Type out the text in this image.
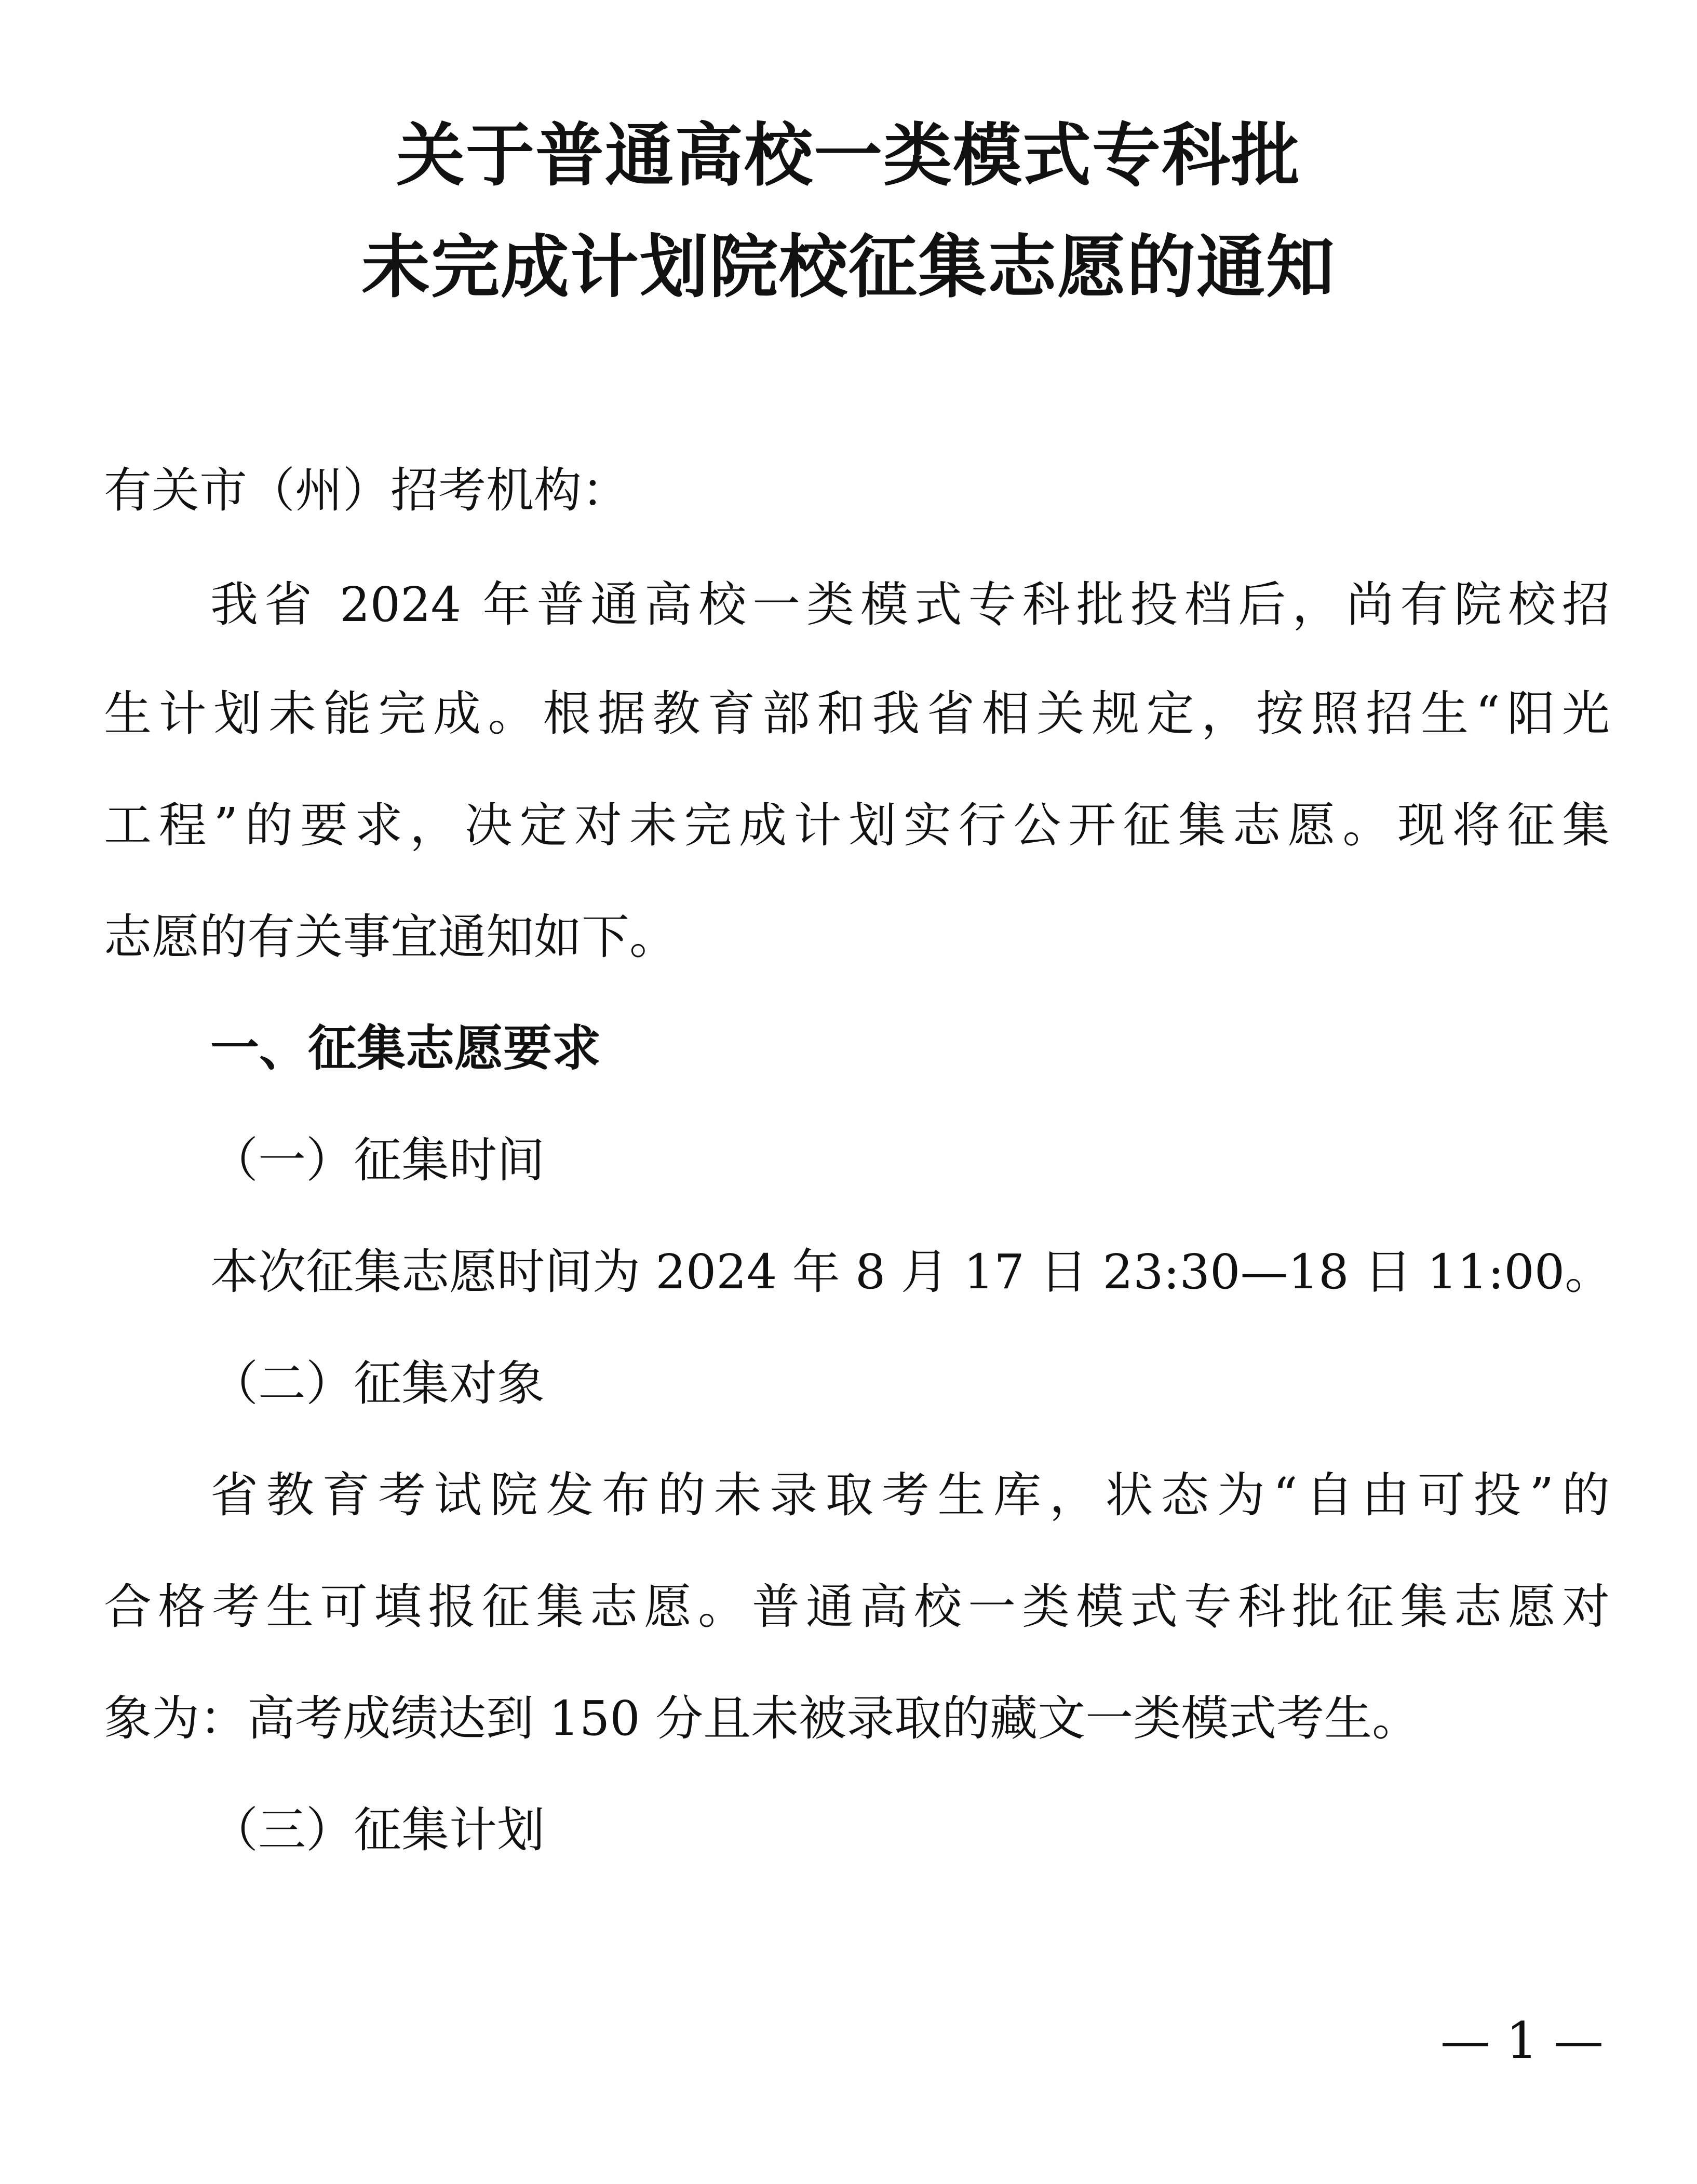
关于普通高校一类模式专科批
未完成计划院校征集志愿的通知
有关市（州）招考机构：
我省 2024 年普通高校一类模式专科批投档后，尚有院校招
生计划未能完成。根据教育部和我省相关规定，按照招生“阳光
工程”的要求，决定对未完成计划实行公开征集志愿。现将征集
志愿的有关事宜通知如下。
一、征集志愿要求
（一）征集时间
本次征集志愿时间为 2024 年 8 月 17 日 23:30—18 日 11:00。
（二）征集对象
省教育考试院发布的未录取考生库，状态为“自由可投”的
合格考生可填报征集志愿。普通高校一类模式专科批征集志愿对
象为：高考成绩达到 150 分且未被录取的藏文一类模式考生。
（三）征集计划
— 1 —
